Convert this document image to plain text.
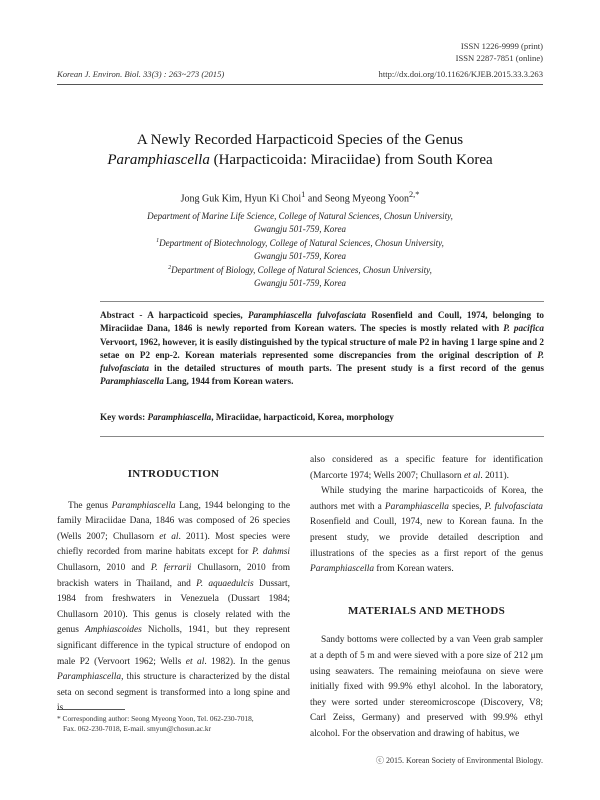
ISSN 1226-9999 (print)
ISSN 2287-7851 (online)
Korean J. Environ. Biol. 33(3) : 263~273 (2015)	http://dx.doi.org/10.11626/KJEB.2015.33.3.263
A Newly Recorded Harpacticoid Species of the Genus
Paramphiascella (Harpacticoida: Miraciidae) from South Korea
Jong Guk Kim, Hyun Ki Choi$^1$ and Seong Myeong Yoon$^{2,*}$
Department of Marine Life Science, College of Natural Sciences, Chosun University,
Gwangju 501-759, Korea
$^1$Department of Biotechnology, College of Natural Sciences, Chosun University,
Gwangju 501-759, Korea
$^2$Department of Biology, College of Natural Sciences, Chosun University,
Gwangju 501-759, Korea
Abstract - A harpacticoid species, Paramphiascella fulvofasciata Rosenfield and Coull, 1974, belonging to Miraciidae Dana, 1846 is newly reported from Korean waters. The species is mostly related with P. pacifica Vervoort, 1962, however, it is easily distinguished by the typical structure of male P2 in having 1 large spine and 2 setae on P2 enp-2. Korean materials represented some discrepancies from the original description of P. fulvofasciata in the detailed structures of mouth parts. The present study is a first record of the genus Paramphiascella Lang, 1944 from Korean waters.
Key words: Paramphiascella, Miraciidae, harpacticoid, Korea, morphology
INTRODUCTION

The genus Paramphiascella Lang, 1944 belonging to the family Miraciidae Dana, 1846 was composed of 26 species (Wells 2007; Chullasorn et al. 2011). Most species were chiefly recorded from marine habitats except for P. dahmsi Chullasorn, 2010 and P. ferrarii Chullasorn, 2010 from brackish waters in Thailand, and P. aquaedulcis Dussart, 1984 from freshwaters in Venezuela (Dussart 1984; Chullasorn 2010). This genus is closely related with the genus Amphiascoides Nicholls, 1941, but they represent significant difference in the typical structure of endopod on male P2 (Vervoort 1962; Wells et al. 1982). In the genus Paramphiascella, this structure is characterized by the distal seta on second segment is transformed into a long spine and is

also considered as a specific feature for identification (Marcorte 1974; Wells 2007; Chullasorn et al. 2011).

While studying the marine harpacticoids of Korea, the authors met with a Paramphiascella species, P. fulvofasciata Rosenfield and Coull, 1974, new to Korean fauna. In the present study, we provide detailed description and illustrations of the species as a first report of the genus Paramphiascella from Korean waters.

MATERIALS AND METHODS

Sandy bottoms were collected by a van Veen grab sampler at a depth of 5 m and were sieved with a pore size of 212 μm using seawaters. The remaining meiofauna on sieve were initially fixed with 99.9% ethyl alcohol. In the laboratory, they were sorted under stereomicroscope (Discovery, V8; Carl Zeiss, Germany) and preserved with 99.9% ethyl alcohol. For the observation and drawing of habitus, we

* Corresponding author: Seong Myeong Yoon, Tel. 062-230-7018,
Fax. 062-230-7018, E-mail. smyun@chosun.ac.kr
ⓒ 2015. Korean Society of Environmental Biology.
